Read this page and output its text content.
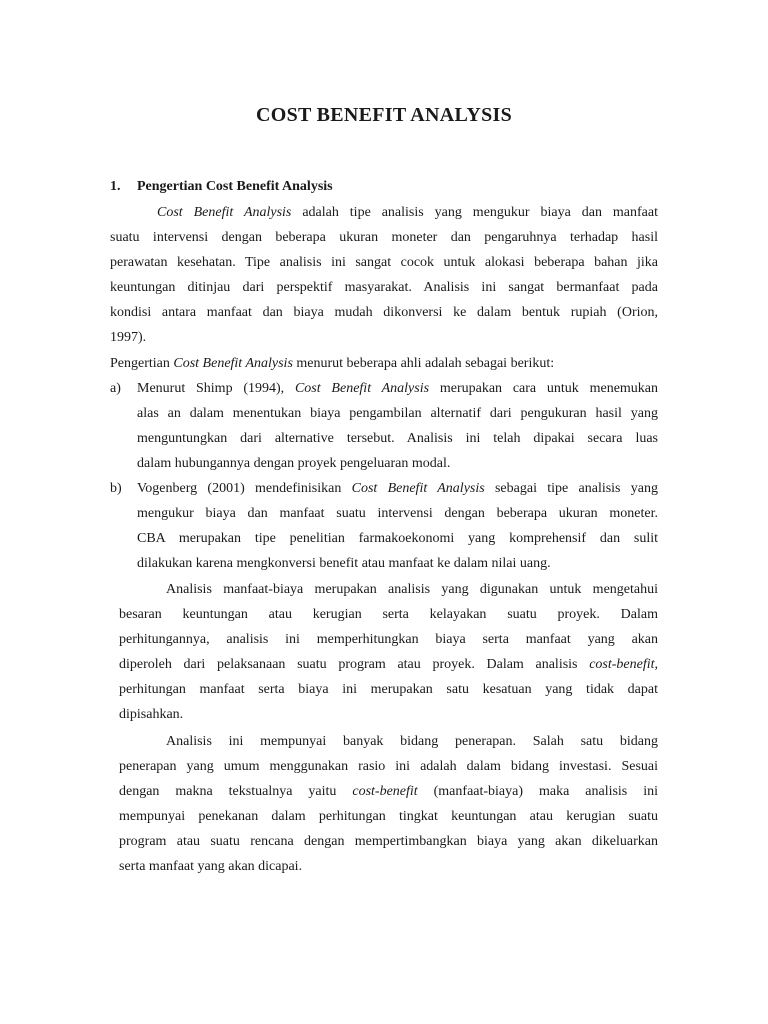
COST BENEFIT ANALYSIS
1. Pengertian Cost Benefit Analysis
Cost Benefit Analysis adalah tipe analisis yang mengukur biaya dan manfaat
suatu intervensi dengan beberapa ukuran moneter dan pengaruhnya terhadap hasil
perawatan kesehatan. Tipe analisis ini sangat cocok untuk alokasi beberapa bahan jika
keuntungan ditinjau dari perspektif masyarakat. Analisis ini sangat bermanfaat pada
kondisi antara manfaat dan biaya mudah dikonversi ke dalam bentuk rupiah (Orion,
1997).
Pengertian Cost Benefit Analysis menurut beberapa ahli adalah sebagai berikut:
a) Menurut Shimp (1994), Cost Benefit Analysis merupakan cara untuk menemukan
alas an dalam menentukan biaya pengambilan alternatif dari pengukuran hasil yang
menguntungkan dari alternative tersebut. Analisis ini telah dipakai secara luas
dalam hubungannya dengan proyek pengeluaran modal.
b) Vogenberg (2001) mendefinisikan Cost Benefit Analysis sebagai tipe analisis yang
mengukur biaya dan manfaat suatu intervensi dengan beberapa ukuran moneter.
CBA merupakan tipe penelitian farmakoekonomi yang komprehensif dan sulit
dilakukan karena mengkonversi benefit atau manfaat ke dalam nilai uang.
Analisis manfaat-biaya merupakan analisis yang digunakan untuk mengetahui
besaran keuntungan atau kerugian serta kelayakan suatu proyek. Dalam
perhitungannya, analisis ini memperhitungkan biaya serta manfaat yang akan
diperoleh dari pelaksanaan suatu program atau proyek. Dalam analisis cost-benefit,
perhitungan manfaat serta biaya ini merupakan satu kesatuan yang tidak dapat
dipisahkan.
Analisis ini mempunyai banyak bidang penerapan. Salah satu bidang
penerapan yang umum menggunakan rasio ini adalah dalam bidang investasi. Sesuai
dengan makna tekstualnya yaitu cost-benefit (manfaat-biaya) maka analisis ini
mempunyai penekanan dalam perhitungan tingkat keuntungan atau kerugian suatu
program atau suatu rencana dengan mempertimbangkan biaya yang akan dikeluarkan
serta manfaat yang akan dicapai.
